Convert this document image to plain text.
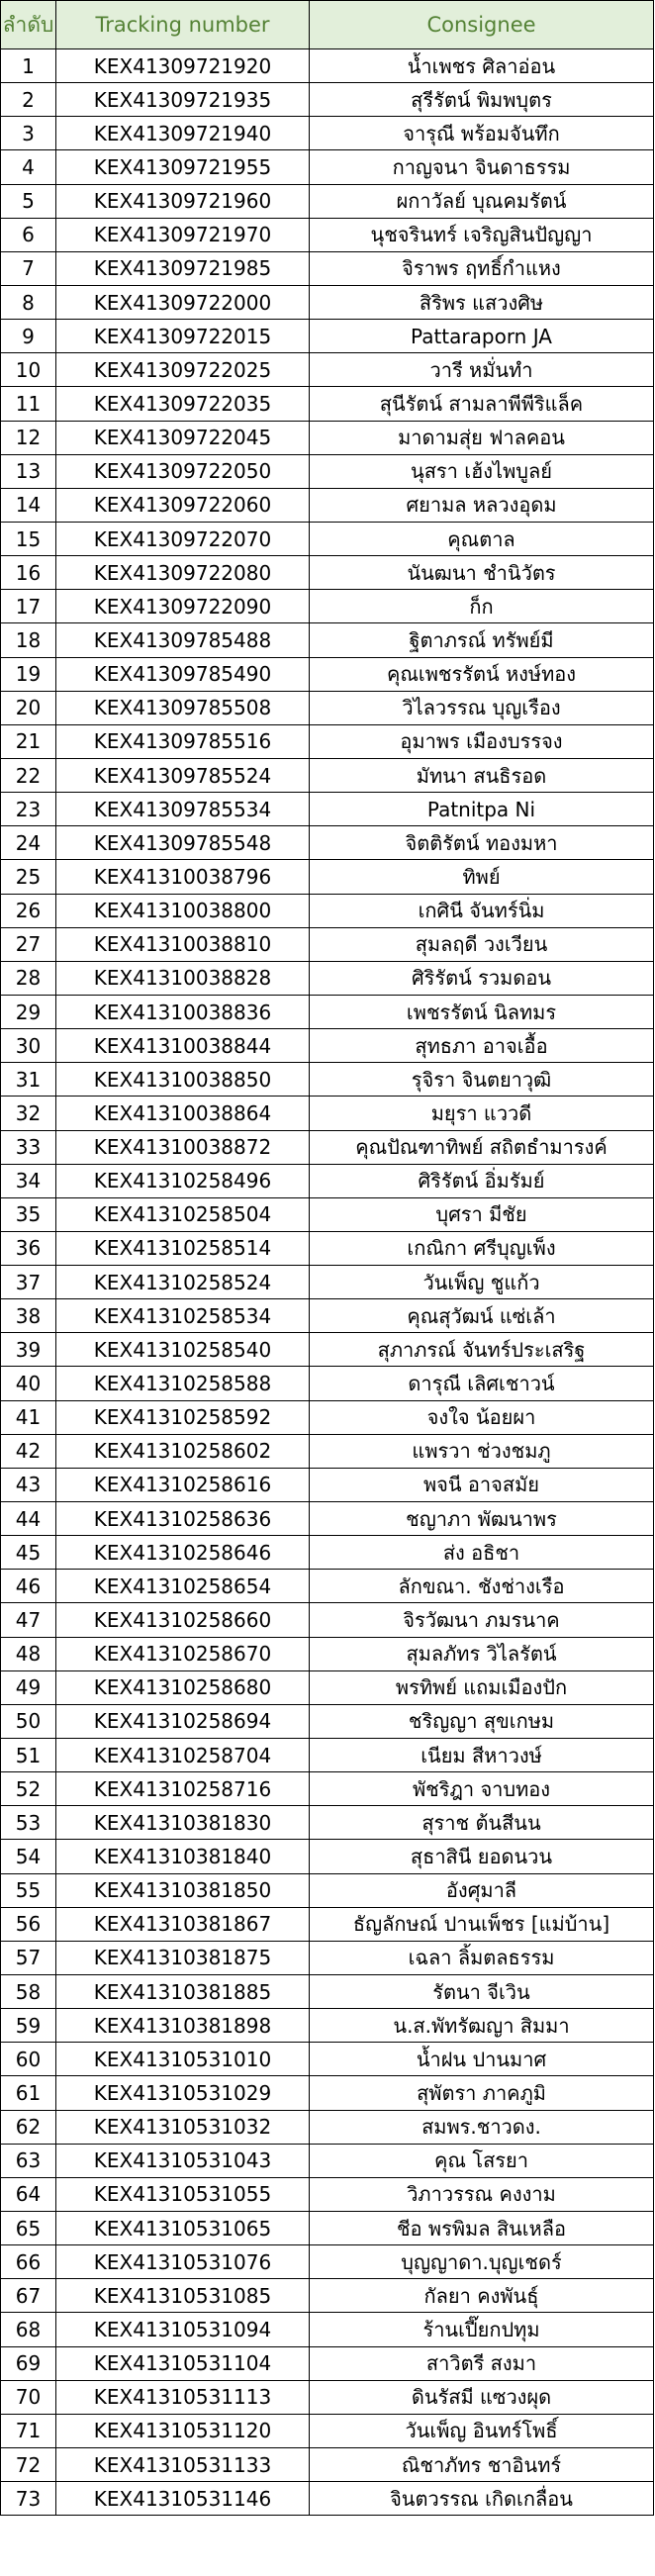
ลำดับ	Tracking number	Consignee
1	KEX41309721920	น้ำเพชร ศิลาอ่อน
2	KEX41309721935	สุรีรัตน์ พิมพบุตร
3	KEX41309721940	จารุณี พร้อมจันทึก
4	KEX41309721955	กาญจนา จินดาธรรม
5	KEX41309721960	ผกาวัลย์ บุณคมรัตน์
6	KEX41309721970	นุชจรินทร์ เจริญสินปัญญา
7	KEX41309721985	จิราพร ฤทธิ์กำแหง
8	KEX41309722000	สิริพร แสวงศิษ
9	KEX41309722015	Pattaraporn JA
10	KEX41309722025	วารี หมั่นทำ
11	KEX41309722035	สุนีรัตน์ สามลาพีพีริแล็ค
12	KEX41309722045	มาดามสุ่ย ฟาลคอน
13	KEX41309722050	นุสรา เฮ้งไพบูลย์
14	KEX41309722060	ศยามล หลวงอุดม
15	KEX41309722070	คุณตาล
16	KEX41309722080	นันฒนา ชำนิวัตร
17	KEX41309722090	ก็ก
18	KEX41309785488	ฐิตาภรณ์ ทรัพย์มี
19	KEX41309785490	คุณเพชรรัตน์ หงษ์ทอง
20	KEX41309785508	วิไลวรรณ บุญเรือง
21	KEX41309785516	อุมาพร เมืองบรรจง
22	KEX41309785524	มัทนา สนธิรอด
23	KEX41309785534	Patnitpa Ni
24	KEX41309785548	จิตติรัตน์ ทองมหา
25	KEX41310038796	ทิพย์
26	KEX41310038800	เกศินี จันทร์นิ่ม
27	KEX41310038810	สุมลฤดี วงเวียน
28	KEX41310038828	ศิริรัตน์ รวมดอน
29	KEX41310038836	เพชรรัตน์ นิลทมร
30	KEX41310038844	สุทธภา อาจเอื้อ
31	KEX41310038850	รุจิรา จินตยาวุฒิ
32	KEX41310038864	มยุรา แววดี
33	KEX41310038872	คุณปัณฑาทิพย์ สถิตธำมารงค์
34	KEX41310258496	ศิริรัตน์ อิ่มรัมย์
35	KEX41310258504	บุศรา มีชัย
36	KEX41310258514	เกณิกา ศรีบุญเพ็ง
37	KEX41310258524	วันเพ็ญ ชูแก้ว
38	KEX41310258534	คุณสุวัฒน์ แซ่เล้า
39	KEX41310258540	สุภาภรณ์ จันทร์ประเสริฐ
40	KEX41310258588	ดารุณี เลิศเชาวน์
41	KEX41310258592	จงใจ น้อยผา
42	KEX41310258602	แพรวา ช่วงชมภู
43	KEX41310258616	พจนี อาจสมัย
44	KEX41310258636	ชญาภา พัฒนาพร
45	KEX41310258646	ส่ง อธิชา
46	KEX41310258654	ลักขณา. ชังช่างเรือ
47	KEX41310258660	จิรวัฒนา ภมรนาค
48	KEX41310258670	สุมลภัทร วิไลรัตน์
49	KEX41310258680	พรทิพย์ แถมเมืองปัก
50	KEX41310258694	ชริญญา สุขเกษม
51	KEX41310258704	เนียม สีหาวงษ์
52	KEX41310258716	พัชริฎา จาบทอง
53	KEX41310381830	สุราช ต้นสีนน
54	KEX41310381840	สุธาสินี ยอดนวน
55	KEX41310381850	อังศุมาลี
56	KEX41310381867	ธัญลักษณ์ ปานเพ็ชร [แม่บ้าน]
57	KEX41310381875	เฉลา ลิ้มตลธรรม
58	KEX41310381885	รัตนา จีเวิน
59	KEX41310381898	น.ส.พัทรัฒญา สิมมา
60	KEX41310531010	น้ำฝน ปานมาศ
61	KEX41310531029	สุพัตรา ภาคภูมิ
62	KEX41310531032	สมพร.ชาวดง.
63	KEX41310531043	คุณ โสรยา
64	KEX41310531055	วิภาวรรณ คงงาม
65	KEX41310531065	ชีอ พรพิมล สินเหลือ
66	KEX41310531076	บุญญาดา.บุญเชดร์
67	KEX41310531085	กัลยา คงพันธุ์
68	KEX41310531094	ร้านเปี๊ยกปทุม
69	KEX41310531104	สาวิตรี สงมา
70	KEX41310531113	ดินรัสมี แซวงผุด
71	KEX41310531120	วันเพ็ญ อินทร์โพธิ์
72	KEX41310531133	ณิชาภัทร ชาอินทร์
73	KEX41310531146	จินตวรรณ เกิดเกลื่อน
